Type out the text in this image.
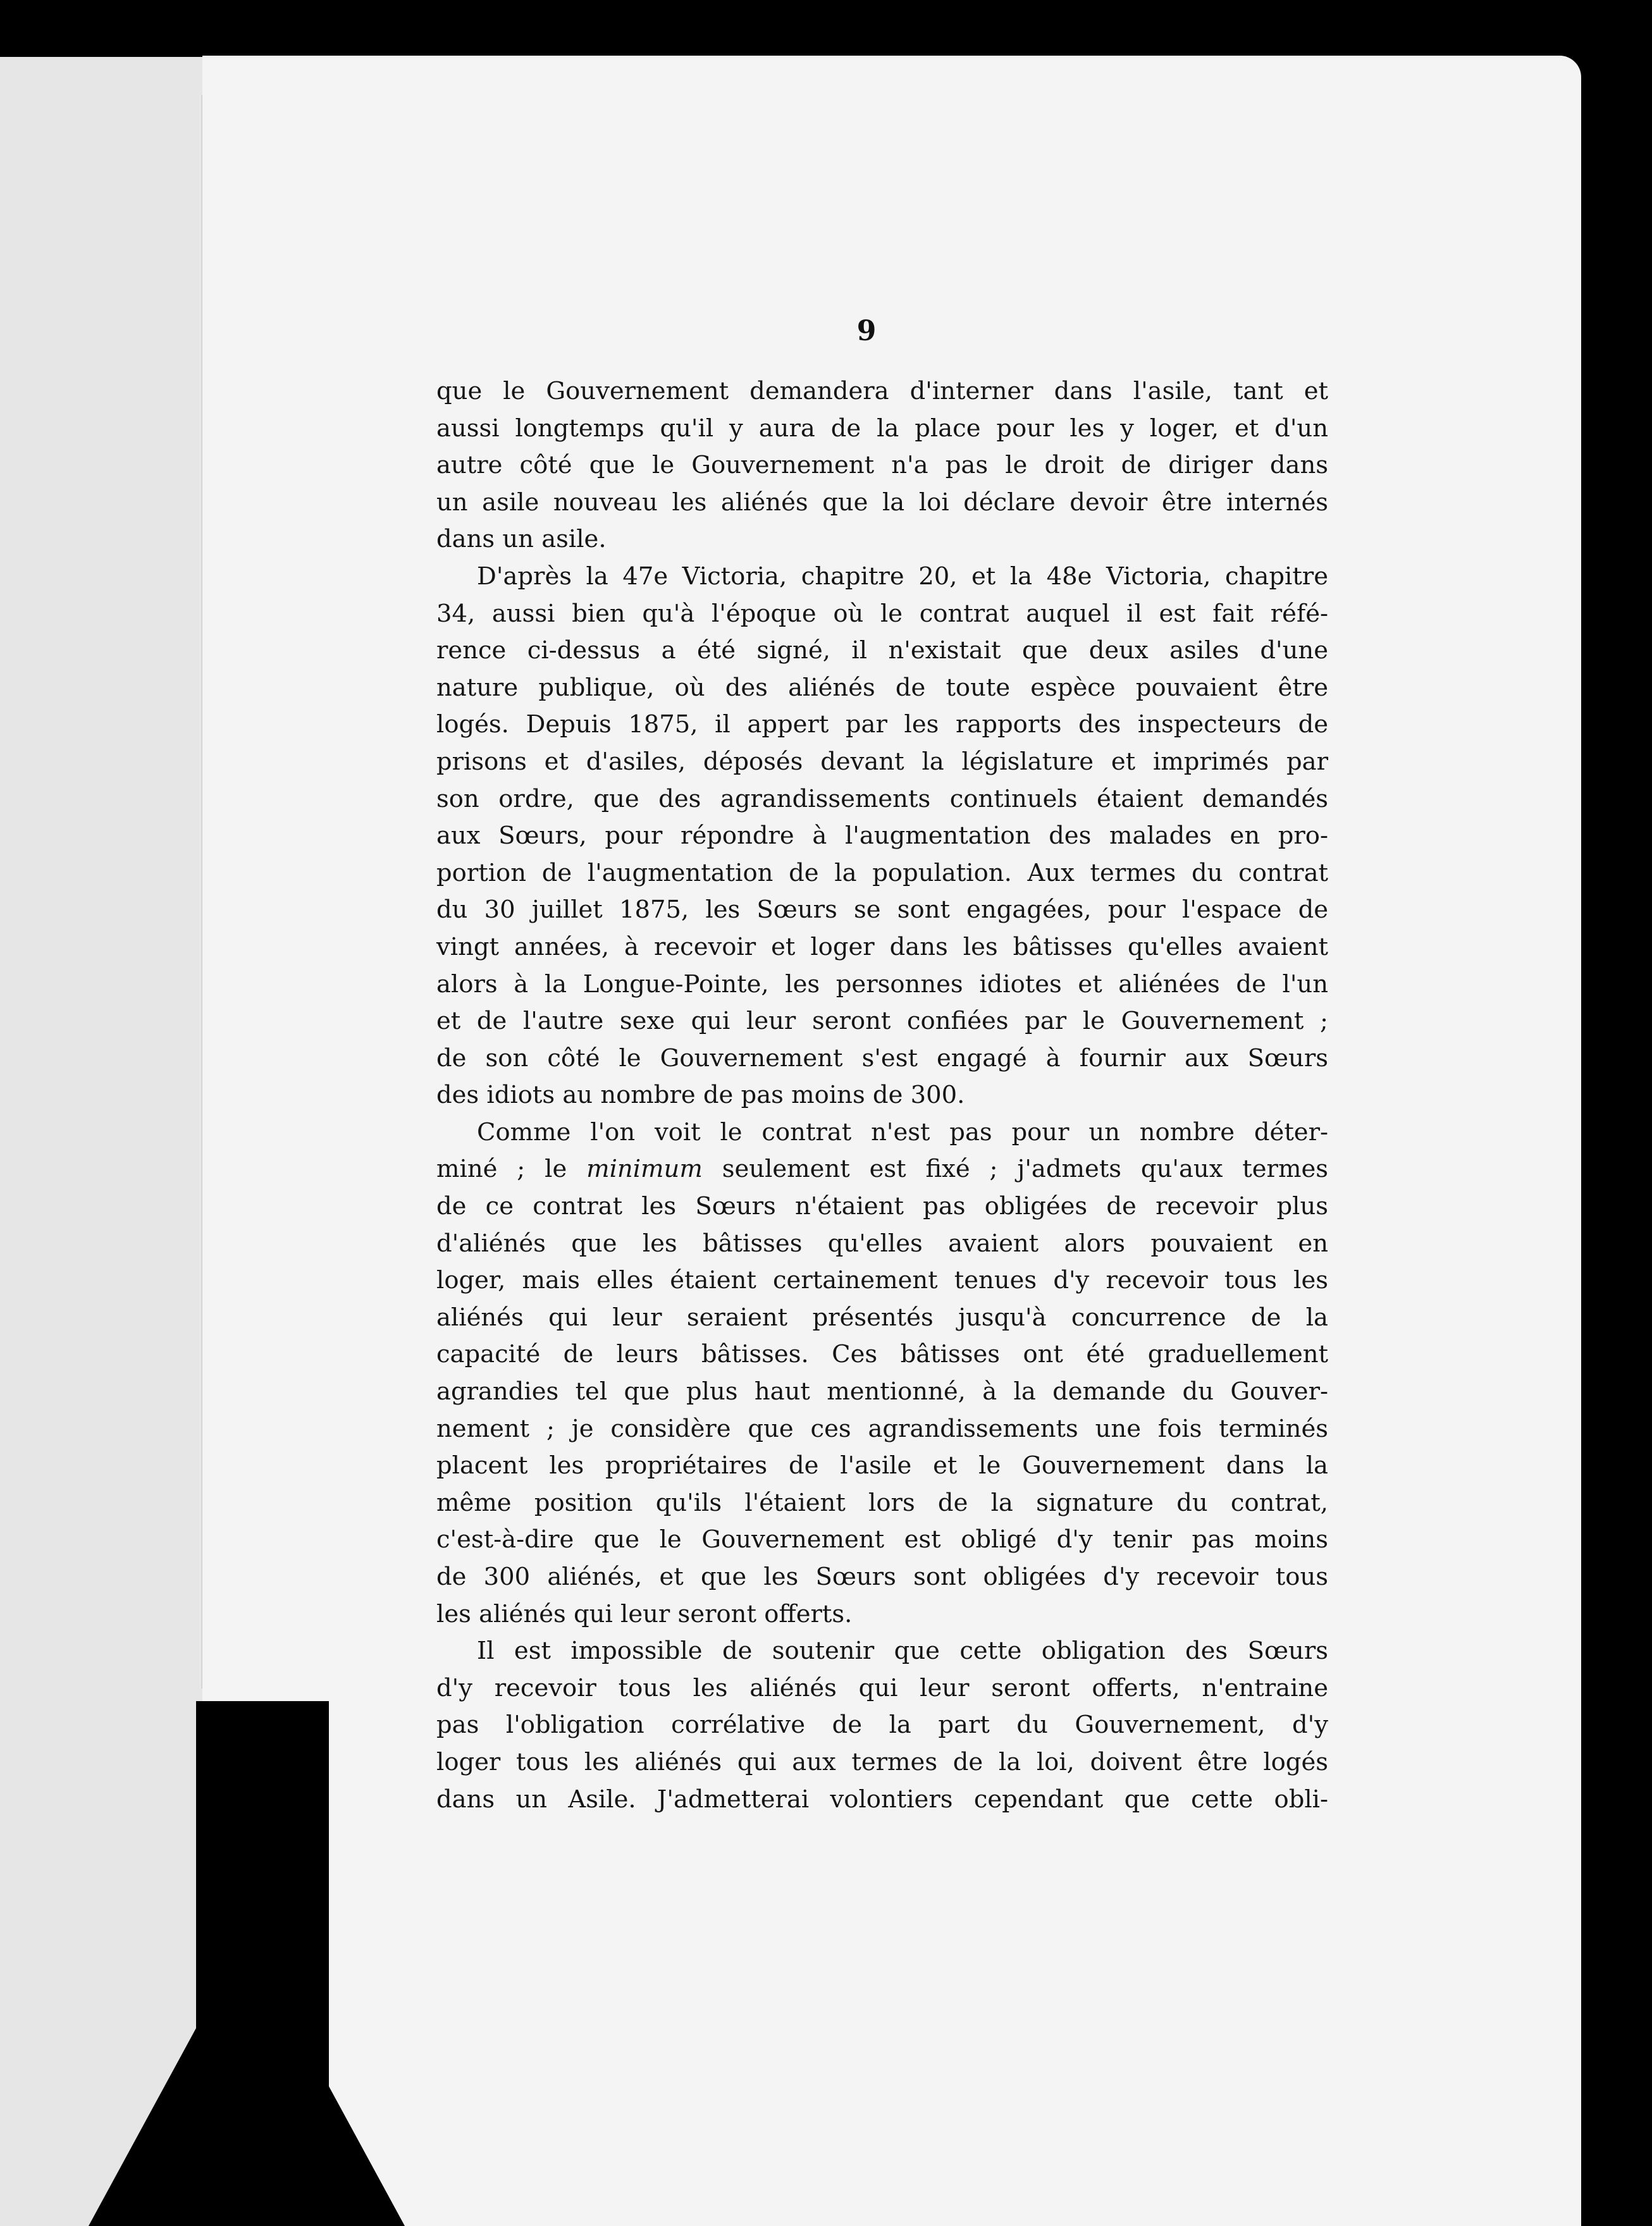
9
que le Gouvernement demandera d'interner dans l'asile, tant et
aussi longtemps qu'il y aura de la place pour les y loger, et d'un
autre côté que le Gouvernement n'a pas le droit de diriger dans
un asile nouveau les aliénés que la loi déclare devoir être internés
dans un asile.
D'après la 47e Victoria, chapitre 20, et la 48e Victoria, chapitre
34, aussi bien qu'à l'époque où le contrat auquel il est fait réfé-
rence ci-dessus a été signé, il n'existait que deux asiles d'une
nature publique, où des aliénés de toute espèce pouvaient être
logés. Depuis 1875, il appert par les rapports des inspecteurs de
prisons et d'asiles, déposés devant la législature et imprimés par
son ordre, que des agrandissements continuels étaient demandés
aux Sœurs, pour répondre à l'augmentation des malades en pro-
portion de l'augmentation de la population. Aux termes du contrat
du 30 juillet 1875, les Sœurs se sont engagées, pour l'espace de
vingt années, à recevoir et loger dans les bâtisses qu'elles avaient
alors à la Longue-Pointe, les personnes idiotes et aliénées de l'un
et de l'autre sexe qui leur seront confiées par le Gouvernement ;
de son côté le Gouvernement s'est engagé à fournir aux Sœurs
des idiots au nombre de pas moins de 300.
Comme l'on voit le contrat n'est pas pour un nombre déter-
miné ; le minimum seulement est fixé ; j'admets qu'aux termes
de ce contrat les Sœurs n'étaient pas obligées de recevoir plus
d'aliénés que les bâtisses qu'elles avaient alors pouvaient en
loger, mais elles étaient certainement tenues d'y recevoir tous les
aliénés qui leur seraient présentés jusqu'à concurrence de la
capacité de leurs bâtisses. Ces bâtisses ont été graduellement
agrandies tel que plus haut mentionné, à la demande du Gouver-
nement ; je considère que ces agrandissements une fois terminés
placent les propriétaires de l'asile et le Gouvernement dans la
même position qu'ils l'étaient lors de la signature du contrat,
c'est-à-dire que le Gouvernement est obligé d'y tenir pas moins
de 300 aliénés, et que les Sœurs sont obligées d'y recevoir tous
les aliénés qui leur seront offerts.
Il est impossible de soutenir que cette obligation des Sœurs
d'y recevoir tous les aliénés qui leur seront offerts, n'entraine
pas l'obligation corrélative de la part du Gouvernement, d'y
loger tous les aliénés qui aux termes de la loi, doivent être logés
dans un Asile. J'admetterai volontiers cependant que cette obli-
